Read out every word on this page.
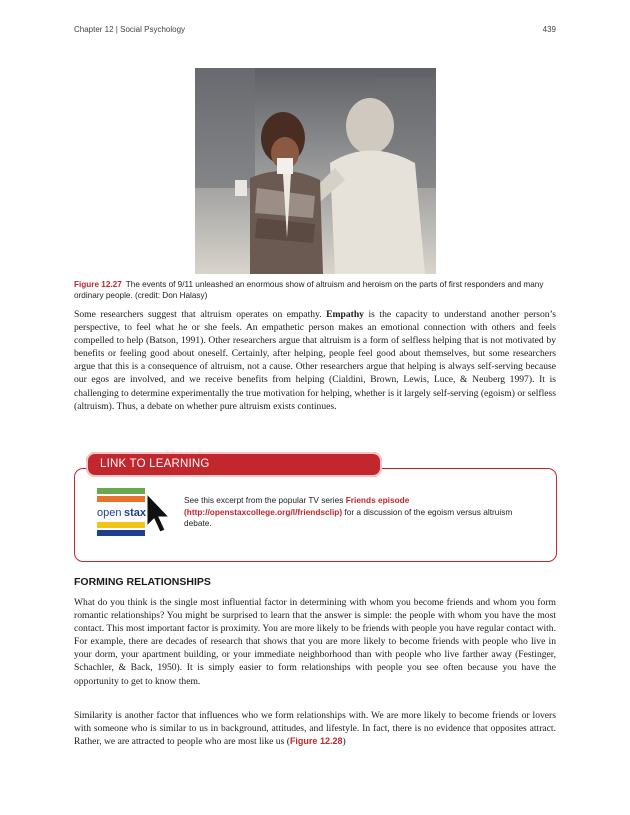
Chapter 12 | Social Psychology	439
Figure 12.27 The events of 9/11 unleashed an enormous show of altruism and heroism on the parts of first responders and many ordinary people. (credit: Don Halasy)

Some researchers suggest that altruism operates on empathy. Empathy is the capacity to understand another person’s perspective, to feel what he or she feels. An empathetic person makes an emotional connection with others and feels compelled to help (Batson, 1991). Other researchers argue that altruism is a form of selfless helping that is not motivated by benefits or feeling good about oneself. Certainly, after helping, people feel good about themselves, but some researchers argue that this is a consequence of altruism, not a cause. Other researchers argue that helping is always self-serving because our egos are involved, and we receive benefits from helping (Cialdini, Brown, Lewis, Luce, & Neuberg 1997). It is challenging to determine experimentally the true motivation for helping, whether is it largely self-serving (egoism) or selfless (altruism). Thus, a debate on whether pure altruism exists continues.

LINK TO LEARNING
open stax
See this excerpt from the popular TV series Friends episode
(http://openstaxcollege.org/l/friendsclip) for a discussion of the egoism versus altruism debate.
FORMING RELATIONSHIPS

What do you think is the single most influential factor in determining with whom you become friends and whom you form romantic relationships? You might be surprised to learn that the answer is simple: the people with whom you have the most contact. This most important factor is proximity. You are more likely to be friends with people you have regular contact with. For example, there are decades of research that shows that you are more likely to become friends with people who live in your dorm, your apartment building, or your immediate neighborhood than with people who live farther away (Festinger, Schachler, & Back, 1950). It is simply easier to form relationships with people you see often because you have the opportunity to get to know them.

Similarity is another factor that influences who we form relationships with. We are more likely to become friends or lovers with someone who is similar to us in background, attitudes, and lifestyle. In fact, there is no evidence that opposites attract. Rather, we are attracted to people who are most like us (Figure 12.28)
